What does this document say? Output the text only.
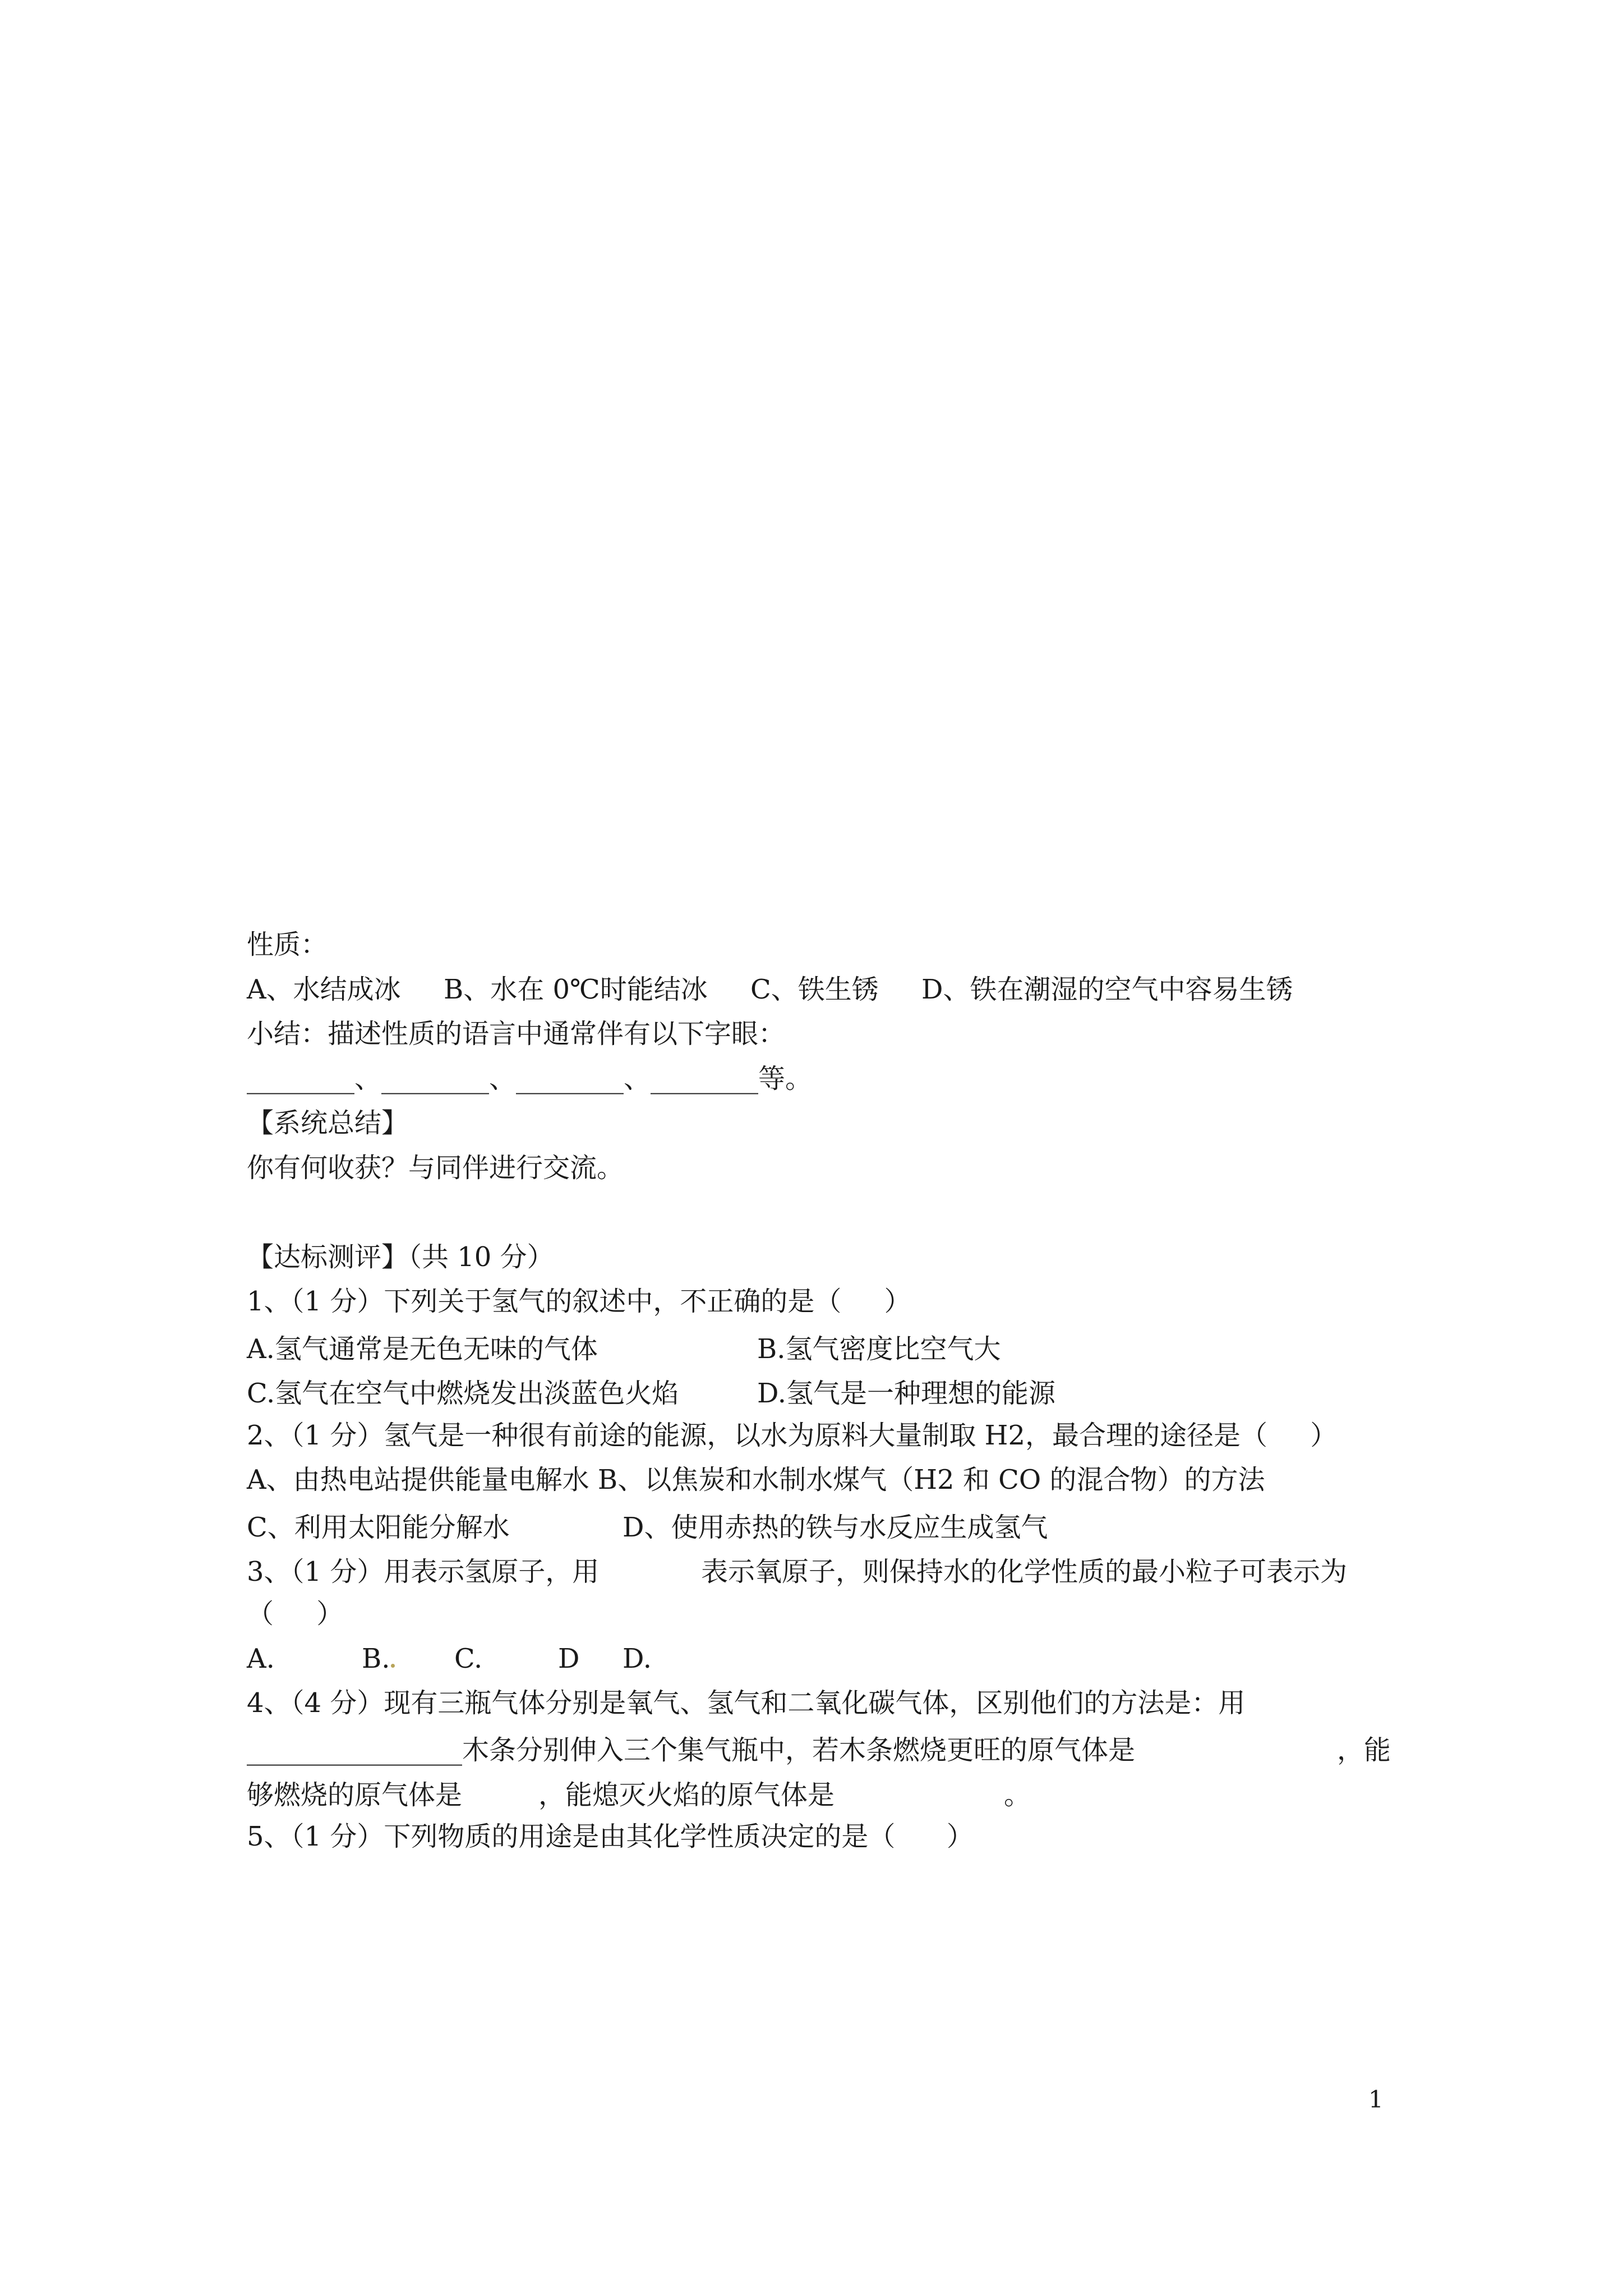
性质：
A、水结成冰     B、水在 0℃时能结冰     C、铁生锈     D、铁在潮湿的空气中容易生锈
小结：描述性质的语言中通常伴有以下字眼：
________、________、________、________等。
【系统总结】
你有何收获？与同伴进行交流。
【达标测评】（共 10 分）
1、（1 分）下列关于氢气的叙述中，不正确的是（     ）
A.氢气通常是无色无味的气体	B.氢气密度比空气大
C.氢气在空气中燃烧发出淡蓝色火焰	D.氢气是一种理想的能源
2、（1 分）氢气是一种很有前途的能源，以水为原料大量制取 H2，最合理的途径是（     ）
A、由热电站提供能量电解水 B、以焦炭和水制水煤气（H2 和 CO 的混合物）的方法
C、利用太阳能分解水	D、使用赤热的铁与水反应生成氢气
3、（1 分）用表示氢原子，用	表示氧原子，则保持水的化学性质的最小粒子可表示为
（     ）
A.	B. C.	D	D.
4、（4 分）现有三瓶气体分别是氧气、氢气和二氧化碳气体，区别他们的方法是：用
________________木条分别伸入三个集气瓶中，若木条燃烧更旺的原气体是	，能
够燃烧的原气体是	，能熄灭火焰的原气体是	。
5、（1 分）下列物质的用途是由其化学性质决定的是（      ）
1
